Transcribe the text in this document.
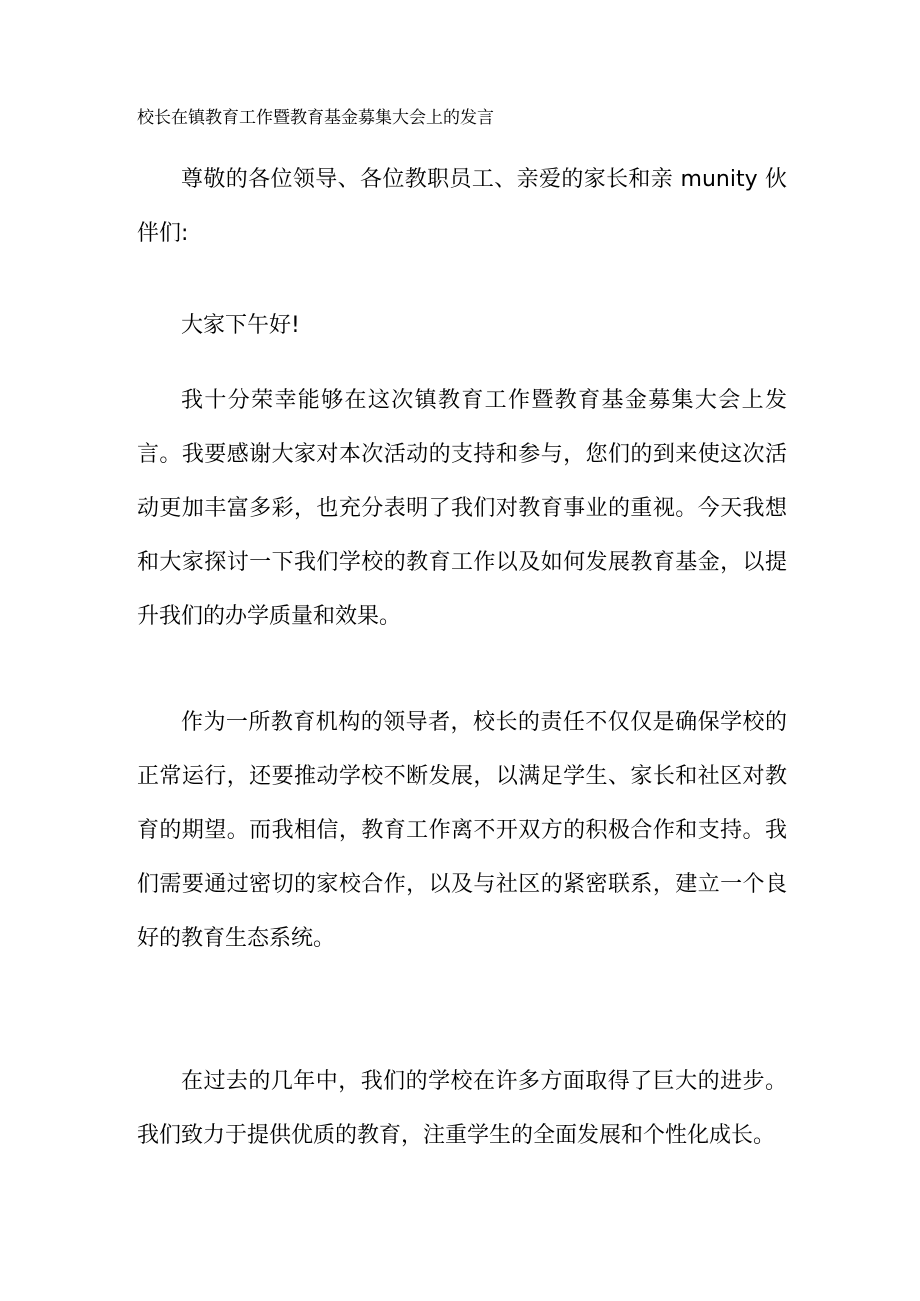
校长在镇教育工作暨教育基金募集大会上的发言

尊敬的各位领导、各位教职员工、亲爱的家长和亲 munity 伙伴们:

大家下午好!

我十分荣幸能够在这次镇教育工作暨教育基金募集大会上发言。我要感谢大家对本次活动的支持和参与，您们的到来使这次活动更加丰富多彩，也充分表明了我们对教育事业的重视。今天我想和大家探讨一下我们学校的教育工作以及如何发展教育基金，以提升我们的办学质量和效果。

作为一所教育机构的领导者，校长的责任不仅仅是确保学校的正常运行，还要推动学校不断发展，以满足学生、家长和社区对教育的期望。而我相信，教育工作离不开双方的积极合作和支持。我们需要通过密切的家校合作，以及与社区的紧密联系，建立一个良好的教育生态系统。

在过去的几年中，我们的学校在许多方面取得了巨大的进步。我们致力于提供优质的教育，注重学生的全面发展和个性化成长。
